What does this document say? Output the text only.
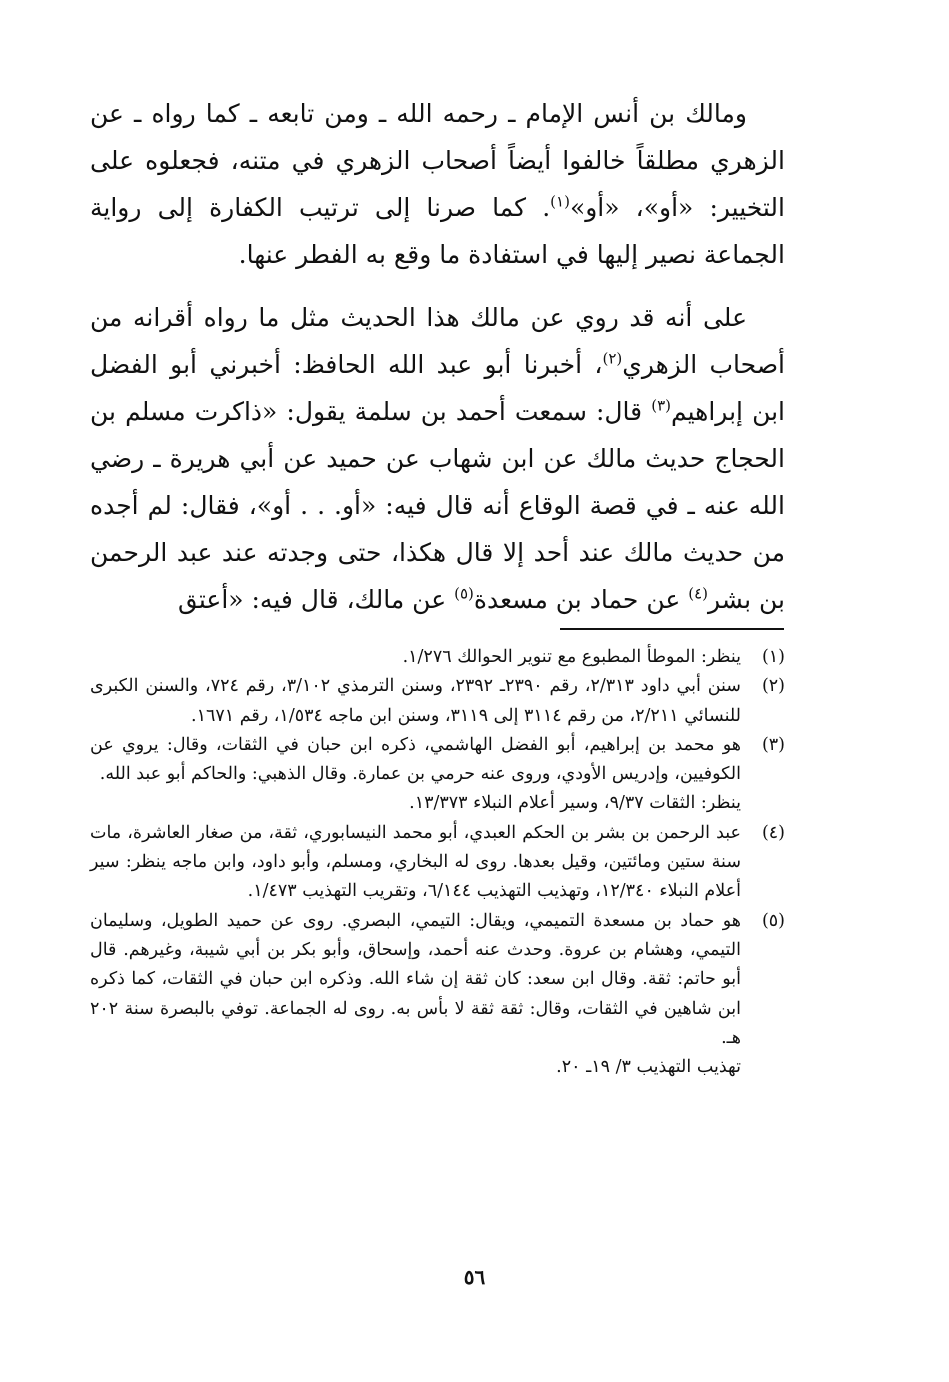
ومالك بن أنس الإمام ـ رحمه الله ـ ومن تابعه ـ كما رواه ـ عن الزهري مطلقاً خالفوا أيضاً أصحاب الزهري في متنه، فجعلوه على التخيير: «أو»، «أو»$^{(١)}$. كما صرنا إلى ترتيب الكفارة إلى رواية الجماعة نصير إليها في استفادة ما وقع به الفطر عنها.

على أنه قد روي عن مالك هذا الحديث مثل ما رواه أقرانه من أصحاب الزهري$^{(٢)}$، أخبرنا أبو عبد الله الحافظ: أخبرني أبو الفضل ابن إبراهيم$^{(٣)}$ قال: سمعت أحمد بن سلمة يقول: «ذاكرت مسلم بن الحجاج حديث مالك عن ابن شهاب عن حميد عن أبي هريرة ـ رضي الله عنه ـ في قصة الوقاع أنه قال فيه: «أو. . . أو»، فقال: لم أجده من حديث مالك عند أحد إلا قال هكذا، حتى وجدته عند عبد الرحمن بن بشر$^{(٤)}$ عن حماد بن مسعدة$^{(٥)}$ عن مالك، قال فيه: «أعتق

(١)
ينظر: الموطأ المطبوع مع تنوير الحوالك ١/٢٧٦.
(٢)
سنن أبي داود ٢/٣١٣، رقم ٢٣٩٠ـ ٢٣٩٢، وسنن الترمذي ٣/١٠٢، رقم ٧٢٤، والسنن الكبرى للنسائي ٢/٢١١، من رقم ٣١١٤ إلى ٣١١٩، وسنن ابن ماجه ١/٥٣٤، رقم ١٦٧١.
(٣)
هو محمد بن إبراهيم، أبو الفضل الهاشمي، ذكره ابن حبان في الثقات، وقال: يروي عن الكوفيين، وإدريس الأودي، وروى عنه حرمي بن عمارة. وقال الذهبي: والحاكم أبو عبد الله.
ينظر: الثقات ٩/٣٧، وسير أعلام النبلاء ١٣/٣٧٣.
(٤)
عبد الرحمن بن بشر بن الحكم العبدي، أبو محمد النيسابوري، ثقة، من صغار العاشرة، مات سنة ستين ومائتين، وقيل بعدها. روى له البخاري، ومسلم، وأبو داود، وابن ماجه ينظر: سير أعلام النبلاء ١٢/٣٤٠، وتهذيب التهذيب ٦/١٤٤، وتقريب التهذيب ١/٤٧٣.
(٥)
هو حماد بن مسعدة التميمي، ويقال: التيمي، البصري. روى عن حميد الطويل، وسليمان التيمي، وهشام بن عروة. وحدث عنه أحمد، وإسحاق، وأبو بكر بن أبي شيبة، وغيرهم. قال أبو حاتم: ثقة. وقال ابن سعد: كان ثقة إن شاء الله. وذكره ابن حبان في الثقات، كما ذكره ابن شاهين في الثقات، وقال: ثقة ثقة لا بأس به. روى له الجماعة. توفي بالبصرة سنة ٢٠٢ هـ.
تهذيب التهذيب ٣/ ١٩ـ ٢٠.
٥٦
